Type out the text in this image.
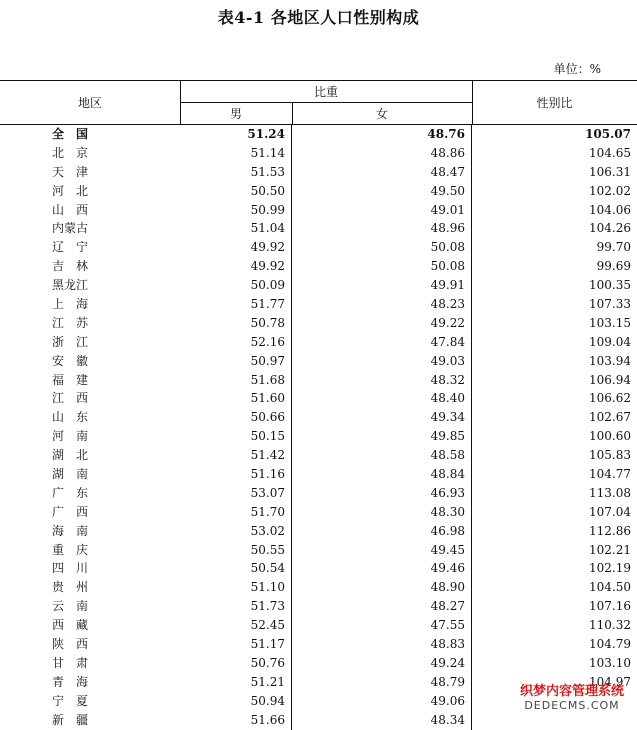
表4-1 各地区人口性别构成
单位：%
地区
比重
男	女
性别比
全　国	51.24	48.76	105.07
北　京	51.14	48.86	104.65
天　津	51.53	48.47	106.31
河　北	50.50	49.50	102.02
山　西	50.99	49.01	104.06
内蒙古	51.04	48.96	104.26
辽　宁	49.92	50.08	99.70
吉　林	49.92	50.08	99.69
黑龙江	50.09	49.91	100.35
上　海	51.77	48.23	107.33
江　苏	50.78	49.22	103.15
浙　江	52.16	47.84	109.04
安　徽	50.97	49.03	103.94
福　建	51.68	48.32	106.94
江　西	51.60	48.40	106.62
山　东	50.66	49.34	102.67
河　南	50.15	49.85	100.60
湖　北	51.42	48.58	105.83
湖　南	51.16	48.84	104.77
广　东	53.07	46.93	113.08
广　西	51.70	48.30	107.04
海　南	53.02	46.98	112.86
重　庆	50.55	49.45	102.21
四　川	50.54	49.46	102.19
贵　州	51.10	48.90	104.50
云　南	51.73	48.27	107.16
西　藏	52.45	47.55	110.32
陕　西	51.17	48.83	104.79
甘　肃	50.76	49.24	103.10
青　海	51.21	48.79	104.97
宁　夏	50.94	49.06
新　疆	51.66	48.34
织梦内容管理系统
DEDECMS.COM
